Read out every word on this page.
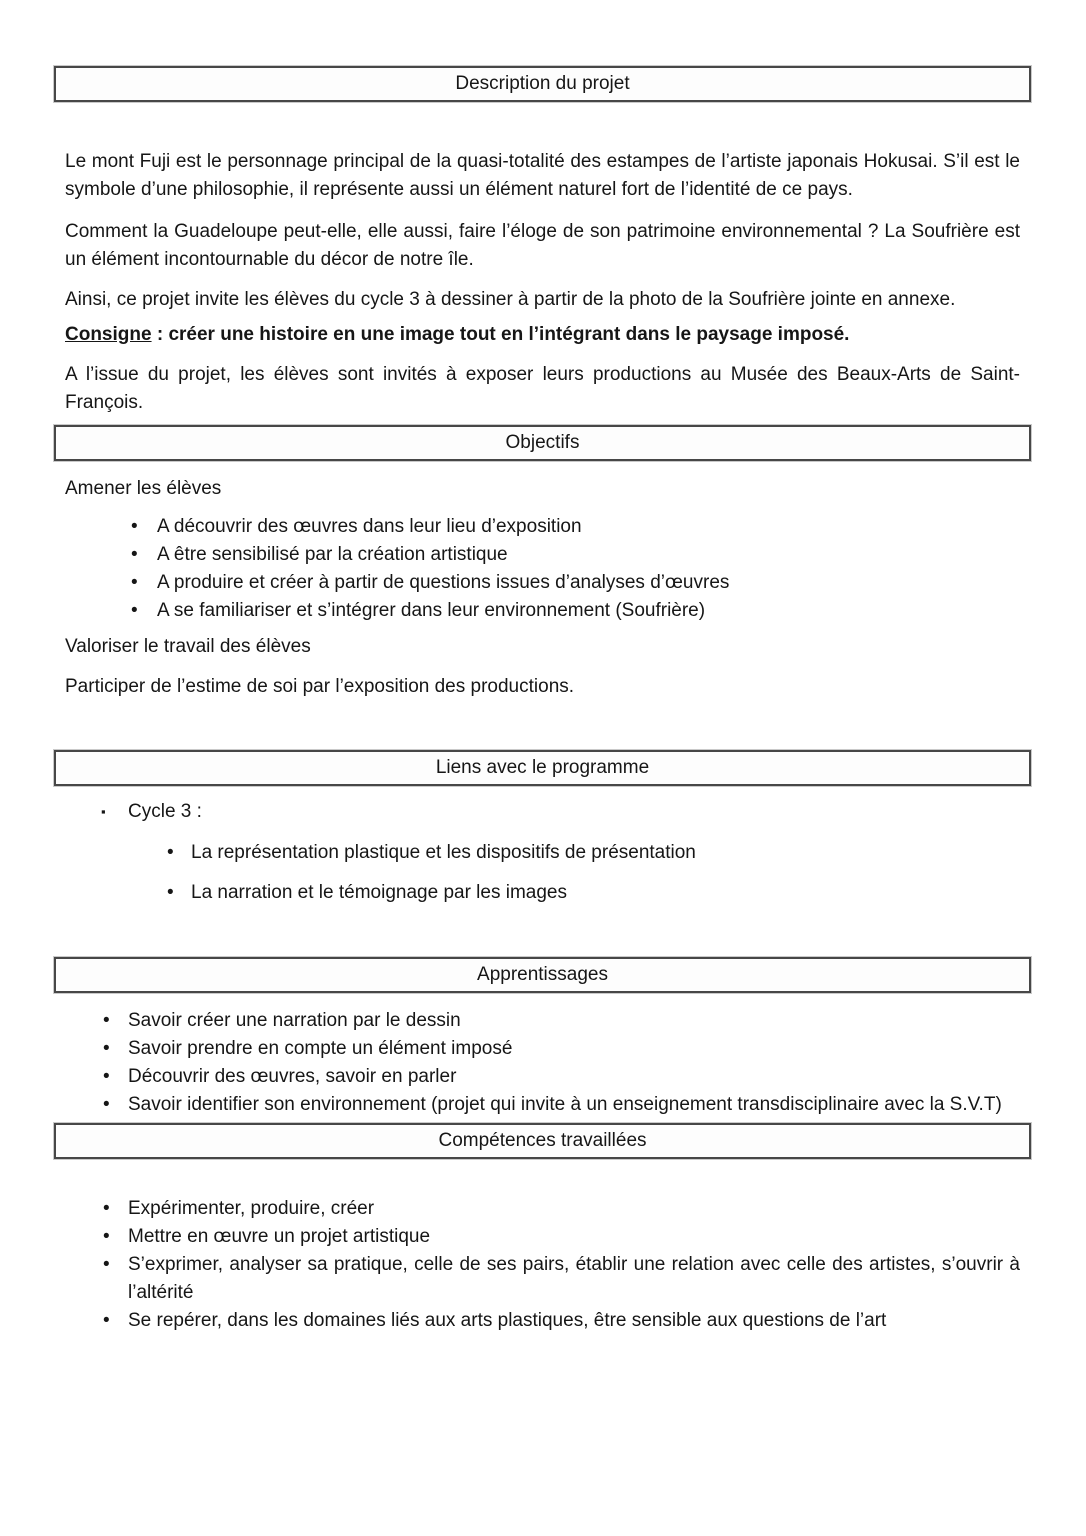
Description du projet

Le mont Fuji est le personnage principal de la quasi-totalité des estampes de l’artiste japonais Hokusai. S’il est le symbole d’une philosophie, il représente aussi un élément naturel fort de l’identité de ce pays.

Comment la Guadeloupe peut-elle, elle aussi, faire l’éloge de son patrimoine environnemental ? La Soufrière est un élément incontournable du décor de notre île.

Ainsi, ce projet invite les élèves du cycle 3 à dessiner à partir de la photo de la Soufrière jointe en annexe.

Consigne : créer une histoire en une image tout en l’intégrant dans le paysage imposé.

A l’issue du projet, les élèves sont invités à exposer leurs productions au Musée des Beaux-Arts de Saint-François.

Objectifs

Amener les élèves

•	A découvrir des œuvres dans leur lieu d’exposition
•	A être sensibilisé par la création artistique
•	A produire et créer à partir de questions issues d’analyses d’œuvres
•	A se familiariser et s’intégrer dans leur environnement (Soufrière)

Valoriser le travail des élèves

Participer de l’estime de soi par l’exposition des productions.

Liens avec le programme
▪	Cycle 3 :
• La représentation plastique et les dispositifs de présentation
• La narration et le témoignage par les images
Apprentissages
• Savoir créer une narration par le dessin
• Savoir prendre en compte un élément imposé
• Découvrir des œuvres, savoir en parler
• Savoir identifier son environnement (projet qui invite à un enseignement transdisciplinaire avec la S.V.T)
Compétences travaillées
• Expérimenter, produire, créer
• Mettre en œuvre un projet artistique
• S’exprimer, analyser sa pratique, celle de ses pairs, établir une relation avec celle des artistes, s’ouvrir à l’altérité
• Se repérer, dans les domaines liés aux arts plastiques, être sensible aux questions de l’art
